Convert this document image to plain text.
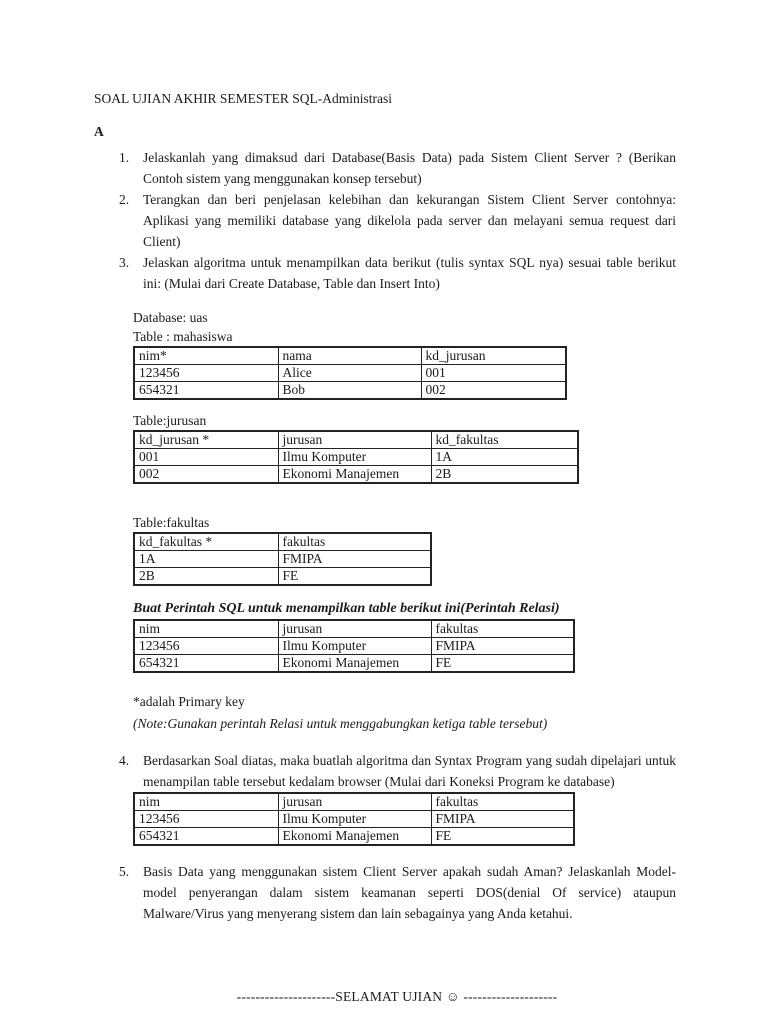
SOAL UJIAN AKHIR SEMESTER SQL-Administrasi
A
1. Jelaskanlah yang dimaksud dari Database(Basis Data) pada Sistem Client Server ? (Berikan Contoh sistem yang menggunakan konsep tersebut)
2. Terangkan dan beri penjelasan kelebihan dan kekurangan Sistem Client Server contohnya: Aplikasi yang memiliki database yang dikelola pada server dan melayani semua request dari Client)
3. Jelaskan algoritma untuk menampilkan data berikut (tulis syntax SQL nya) sesuai table berikut ini: (Mulai dari Create Database, Table dan Insert Into)
Database: uas
Table : mahasiswa
nim*	nama	kd_jurusan
123456	Alice	001
654321	Bob	002
Table:jurusan
kd_jurusan *	jurusan	kd_fakultas
001	Ilmu Komputer	1A
002	Ekonomi Manajemen	2B
Table:fakultas
kd_fakultas *	fakultas
1A	FMIPA
2B	FE
Buat Perintah SQL untuk menampilkan table berikut ini(Perintah Relasi)
nim	jurusan	fakultas
123456	Ilmu Komputer	FMIPA
654321	Ekonomi Manajemen	FE
*adalah Primary key
(Note:Gunakan perintah Relasi untuk menggabungkan ketiga table tersebut)
4. Berdasarkan Soal diatas, maka buatlah algoritma dan Syntax Program yang sudah dipelajari untuk menampilan table tersebut kedalam browser (Mulai dari Koneksi Program ke database)
nim	jurusan	fakultas
123456	Ilmu Komputer	FMIPA
654321	Ekonomi Manajemen	FE
5. Basis Data yang menggunakan sistem Client Server apakah sudah Aman? Jelaskanlah Model-model penyerangan dalam sistem keamanan seperti DOS(denial Of service) ataupun Malware/Virus yang menyerang sistem dan lain sebagainya yang Anda ketahui.
---------------------SELAMAT UJIAN ☺ --------------------
